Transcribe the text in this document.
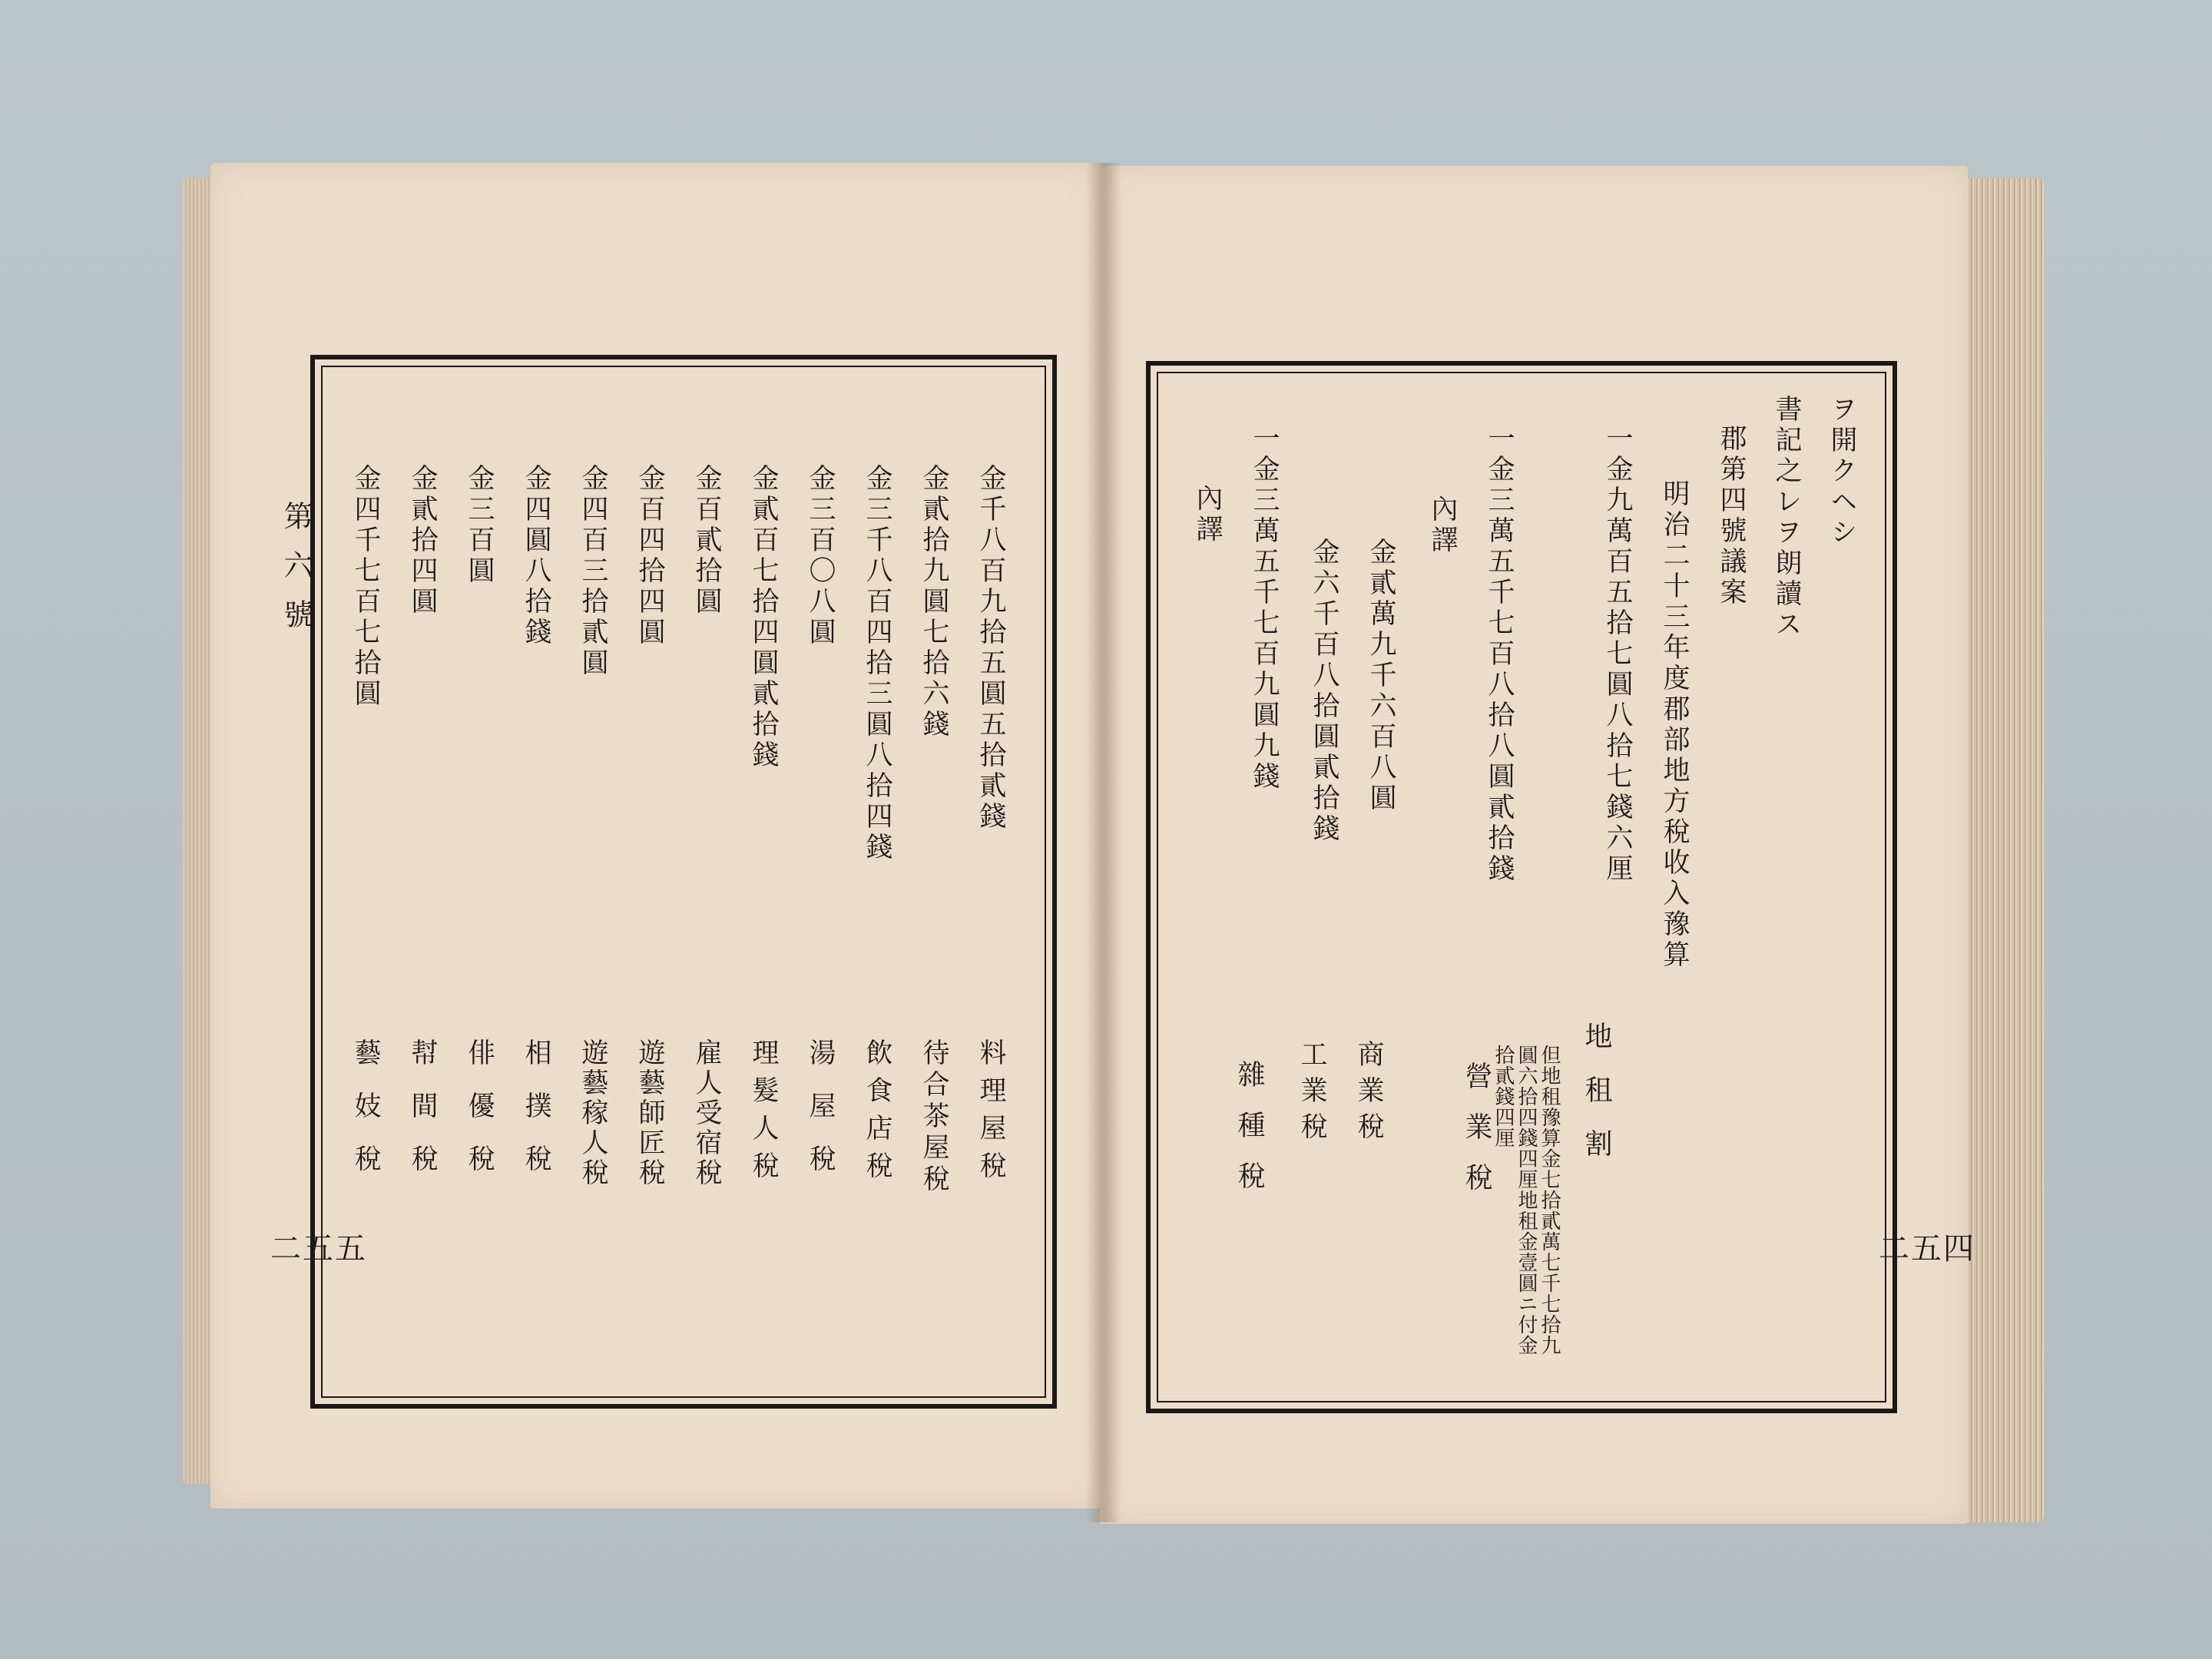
第六號	金千八百九拾五圓五拾貳錢
金貳拾九圓七拾六錢
金三千八百四拾三圓八拾四錢
金三百〇八圓
金貳百七拾四圓貳拾錢
金百貳拾圓
金百四拾四圓
金四百三拾貳圓
金四圓八拾錢
金三百圓
金貳拾四圓
金四千七百七拾圓
料理屋稅
待合茶屋稅
飲食店稅
湯屋稅
理髮人稅
雇人受宿稅
遊藝師匠稅
遊藝稼人稅
相撲稅
俳優稅
幇間稅
藝妓稅
二五五
ヲ開クヘシ
書記之レヲ朗讀ス
郡第四號議案
明治二十三年度郡部地方稅收入豫算
一金九萬百五拾七圓八拾七錢六厘
地租割
但地租豫算金七拾貳萬七千七拾九圓六拾四錢四厘地租金壹圓ニ付金拾貳錢四厘
一金三萬五千七百八拾八圓貳拾錢
內譯
營業稅
金貳萬九千六百八圓
商業稅
金六千百八拾圓貳拾錢
工業稅
一金三萬五千七百九圓九錢
雜種稅
內譯
二五四
